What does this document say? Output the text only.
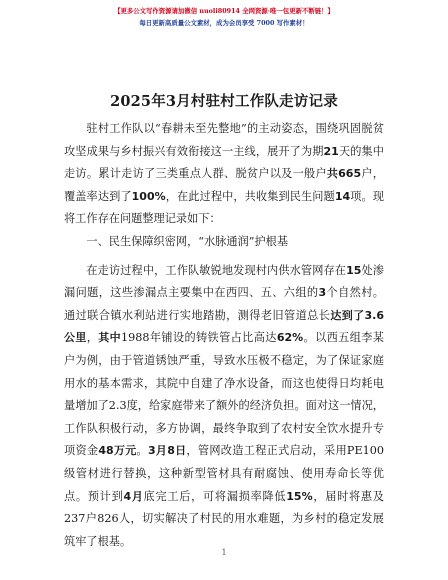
【更多公文写作资源请加微信 nuoli80914 全网资源·唯一包更新不断链！】
每日更新高质量公文素材，成为会员享受 7000 写作素材！
2025年3月村驻村工作队走访记录

驻村工作队以“春耕未至先整地”的主动姿态，围绕巩固脱贫攻坚成果与乡村振兴有效衔接这一主线，展开了为期21天的集中走访。累计走访了三类重点人群、脱贫户以及一般户共665户，覆盖率达到了100%，在此过程中，共收集到民生问题14项。现将工作存在问题整理记录如下：

一、民生保障织密网，“水脉通润”护根基

在走访过程中，工作队敏锐地发现村内供水管网存在15处渗漏问题，这些渗漏点主要集中在西四、五、六组的3个自然村。通过联合镇水利站进行实地踏勘，测得老旧管道总长达到了3.6公里，其中1988年铺设的铸铁管占比高达62%。以西五组李某户为例，由于管道锈蚀严重，导致水压极不稳定，为了保证家庭用水的基本需求，其院中自建了净水设备，而这也使得日均耗电量增加了2.3度，给家庭带来了额外的经济负担。面对这一情况，工作队积极行动，多方协调，最终争取到了农村安全饮水提升专项资金48万元。3月8日，管网改造工程正式启动，采用PE100级管材进行替换，这种新型管材具有耐腐蚀、使用寿命长等优点。预计到4月底完工后，可将漏损率降低15%，届时将惠及237户826人，切实解决了村民的用水难题，为乡村的稳定发展筑牢了根基。

1
